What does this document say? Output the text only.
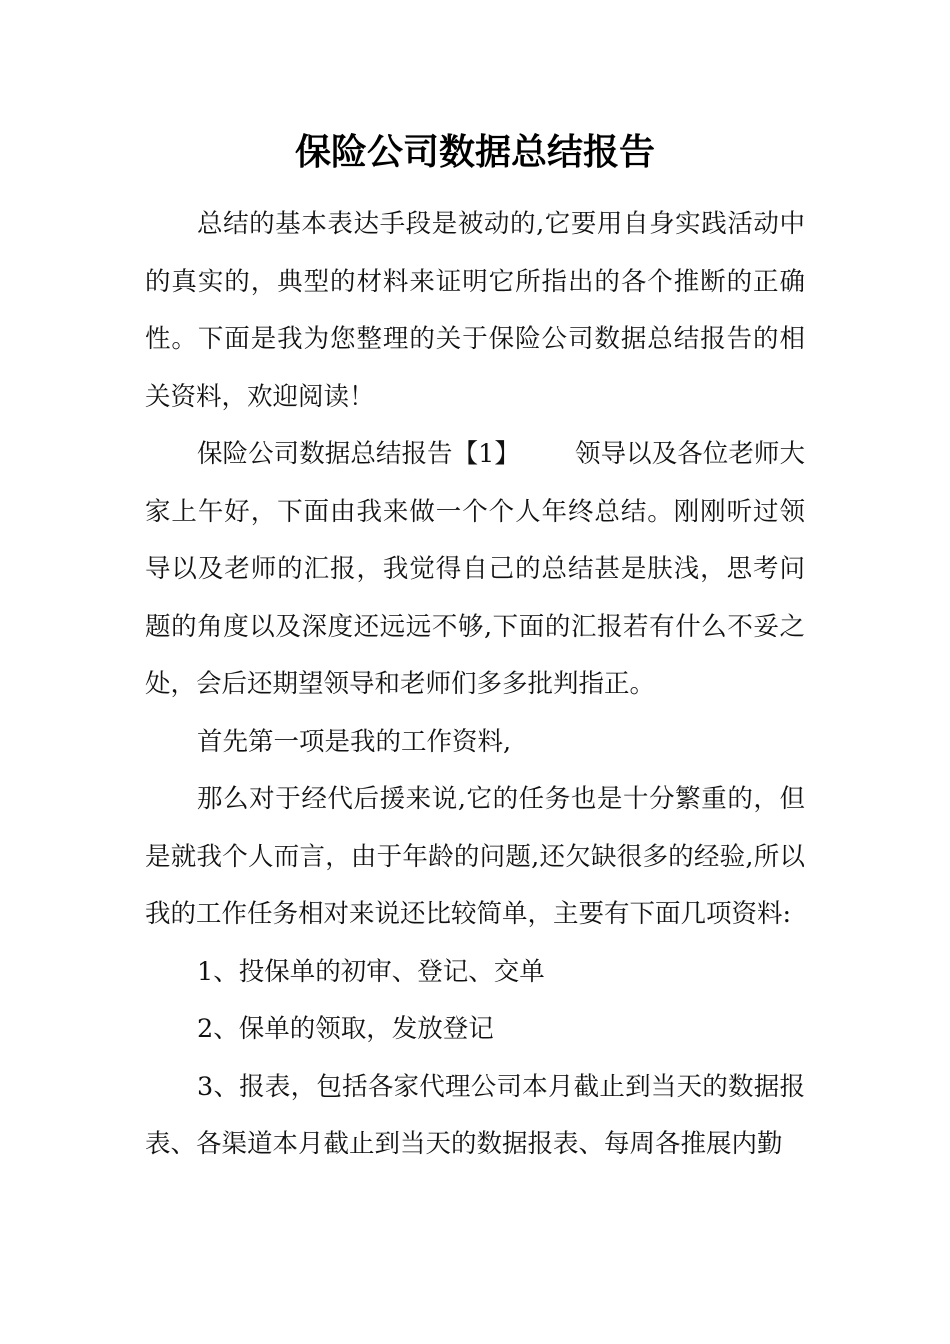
保险公司数据总结报告

总结的基本表达手段是被动的,它要用自身实践活动中的真实的，典型的材料来证明它所指出的各个推断的正确性。下面是我为您整理的关于保险公司数据总结报告的相关资料，欢迎阅读！

保险公司数据总结报告【1】 领导以及各位老师大家上午好，下面由我来做一个个人年终总结。刚刚听过领导以及老师的汇报，我觉得自己的总结甚是肤浅，思考问题的角度以及深度还远远不够,下面的汇报若有什么不妥之处，会后还期望领导和老师们多多批判指正。

首先第一项是我的工作资料,

那么对于经代后援来说,它的任务也是十分繁重的，但是就我个人而言，由于年龄的问题,还欠缺很多的经验,所以我的工作任务相对来说还比较简单，主要有下面几项资料:

1、投保单的初审、登记、交单

2、保单的领取，发放登记

3、报表，包括各家代理公司本月截止到当天的数据报表、各渠道本月截止到当天的数据报表、每周各推展内勤
